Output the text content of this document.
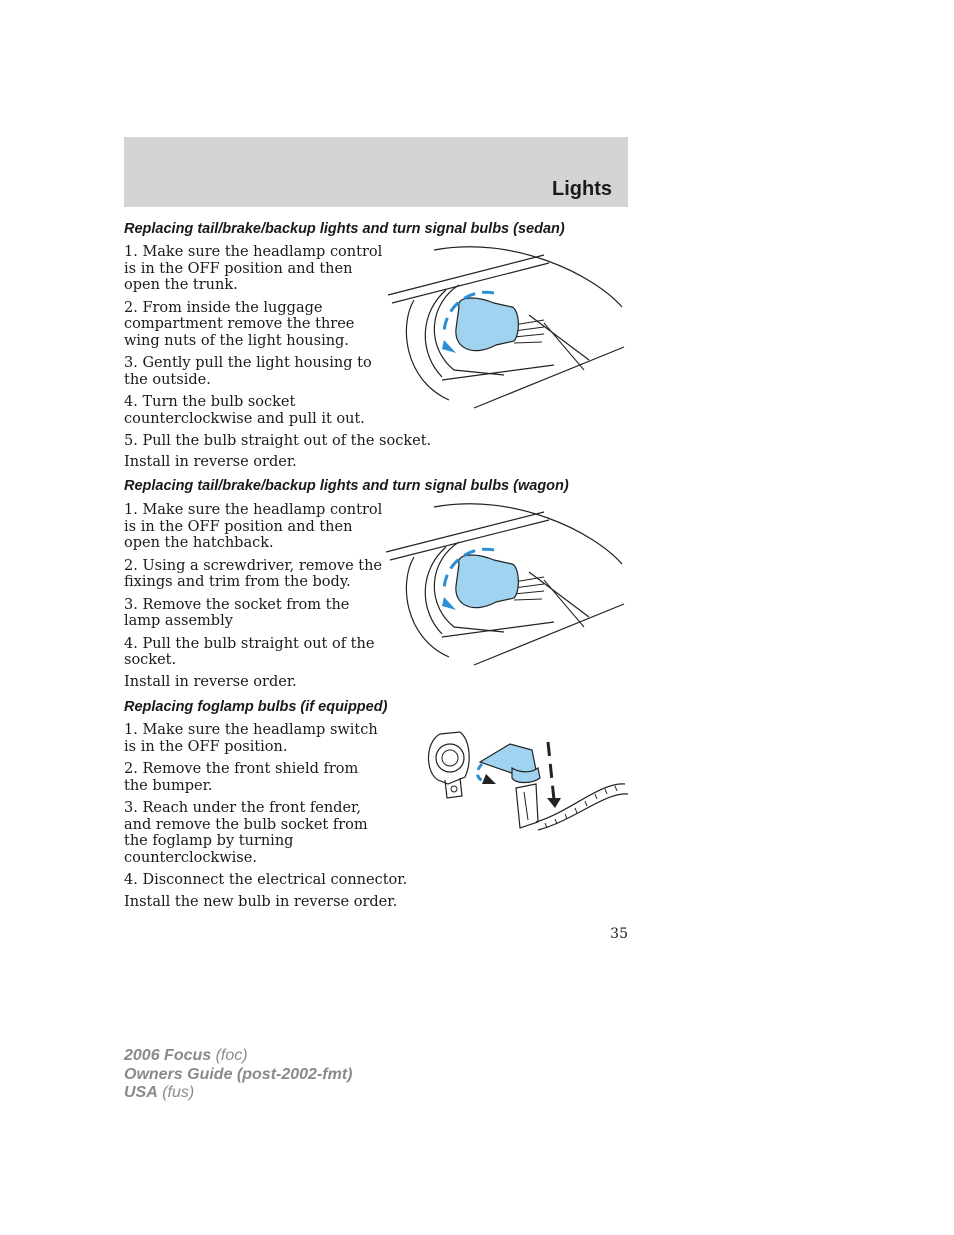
Lights
Replacing tail/brake/backup lights and turn signal bulbs (sedan)
1. Make sure the headlamp control is in the OFF position and then open the trunk.
2. From inside the luggage compartment remove the three wing nuts of the light housing.
3. Gently pull the light housing to the outside.
4. Turn the bulb socket counterclockwise and pull it out.
5. Pull the bulb straight out of the socket.
Install in reverse order.
Replacing tail/brake/backup lights and turn signal bulbs (wagon)
1. Make sure the headlamp control is in the OFF position and then open the hatchback.
2. Using a screwdriver, remove the fixings and trim from the body.
3. Remove the socket from the lamp assembly
4. Pull the bulb straight out of the socket.
Install in reverse order.
Replacing foglamp bulbs (if equipped)
1. Make sure the headlamp switch is in the OFF position.
2. Remove the front shield from the bumper.
3. Reach under the front fender, and remove the bulb socket from the foglamp by turning counterclockwise.
4. Disconnect the electrical connector.
Install the new bulb in reverse order.
35
2006 Focus (foc)
Owners Guide (post-2002-fmt)
USA (fus)
